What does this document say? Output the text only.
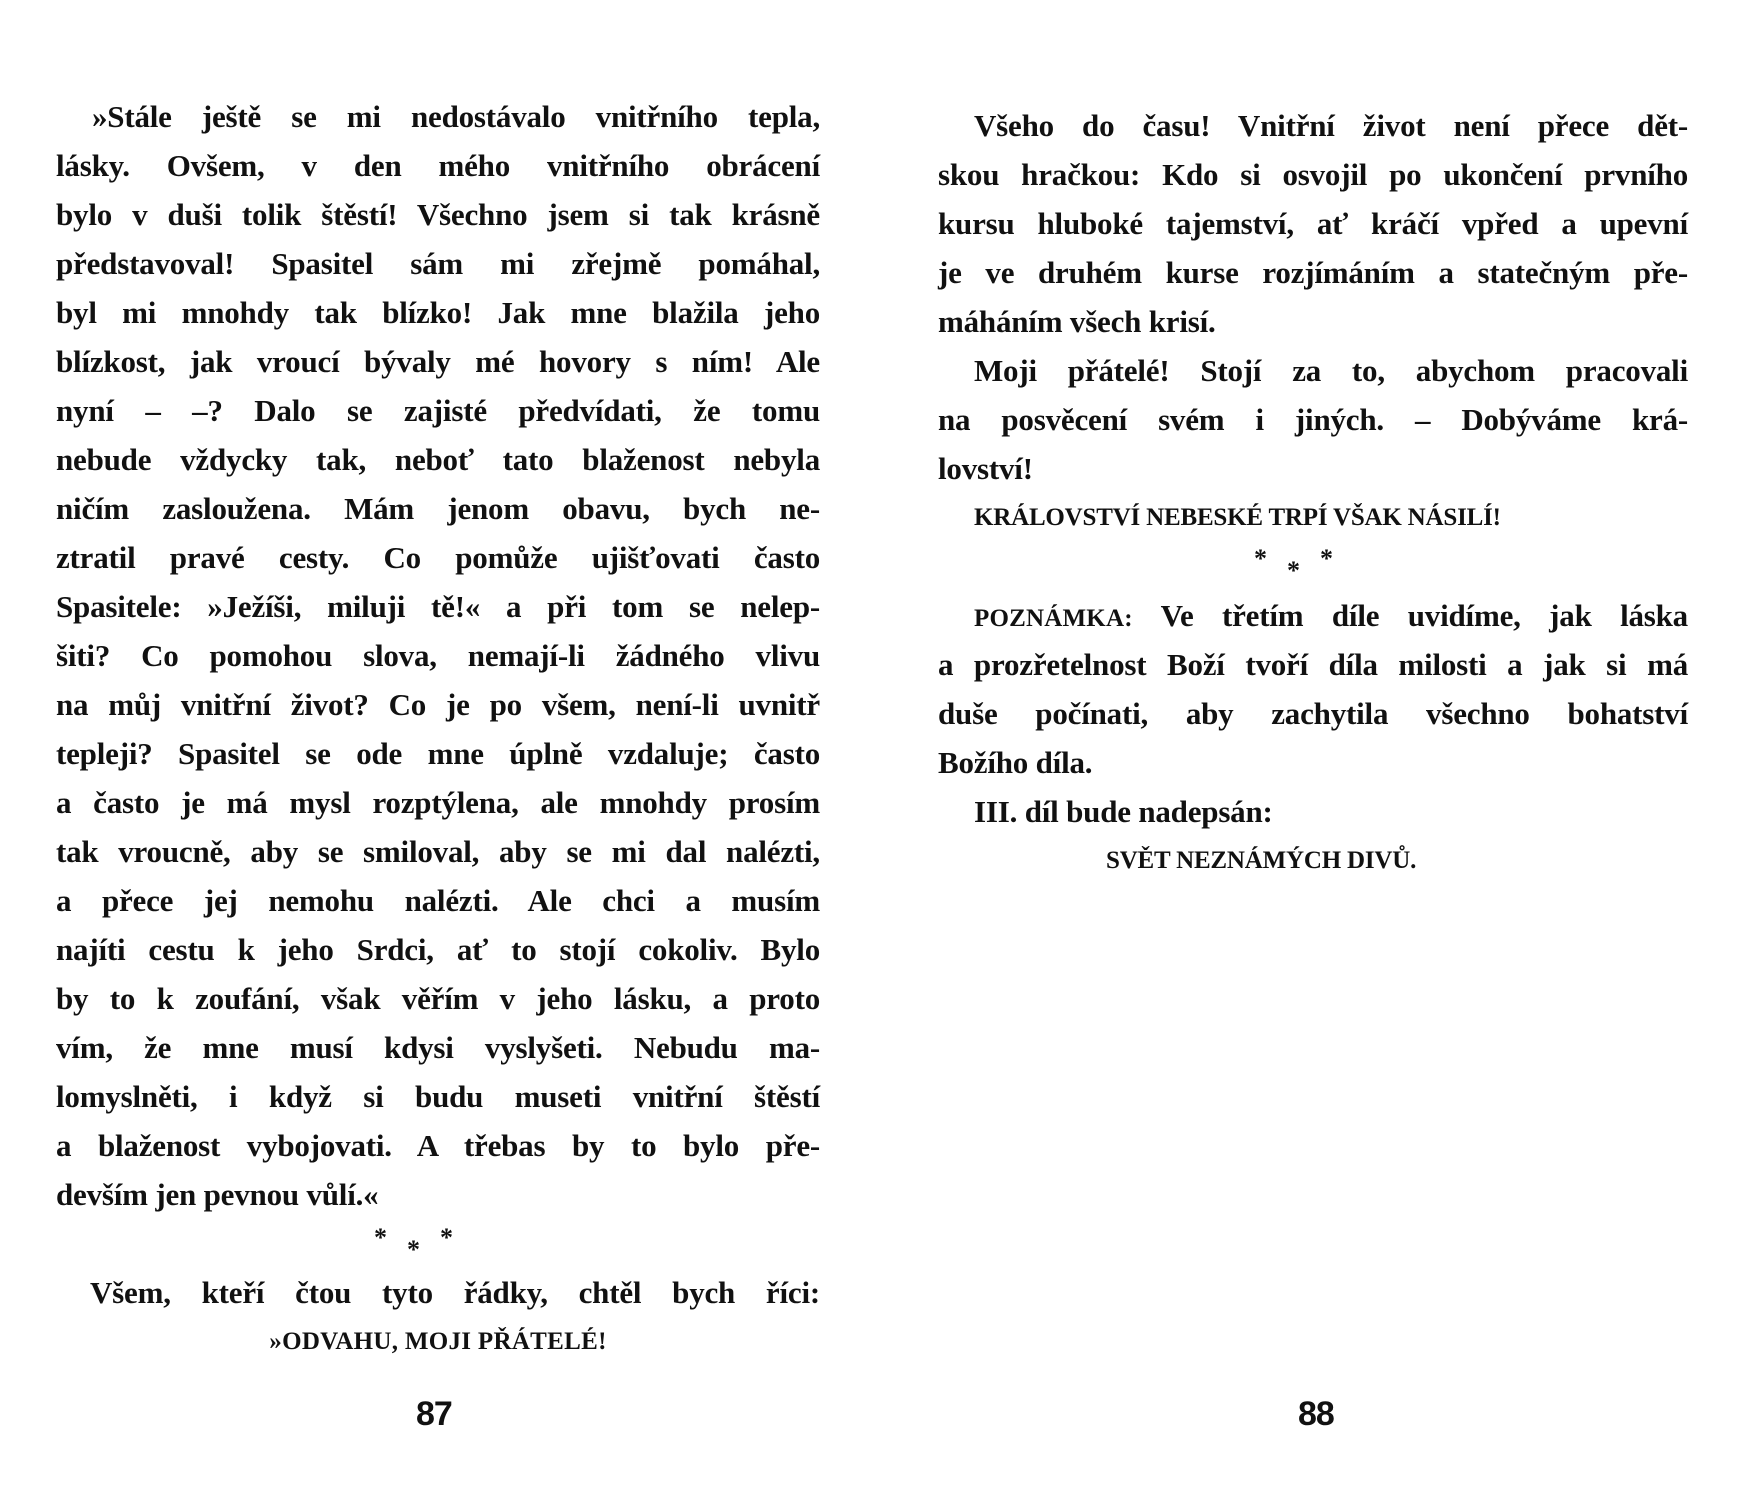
»Stále ještě se mi nedostávalo vnitřního tepla,
lásky. Ovšem, v den mého vnitřního obrácení
bylo v duši tolik štěstí! Všechno jsem si tak krásně
představoval! Spasitel sám mi zřejmě pomáhal,
byl mi mnohdy tak blízko! Jak mne blažila jeho
blízkost, jak vroucí bývaly mé hovory s ním! Ale
nyní – –? Dalo se zajisté předvídati, že tomu
nebude vždycky tak, neboť tato blaženost nebyla
ničím zasloužena. Mám jenom obavu, bych ne-
ztratil pravé cesty. Co pomůže ujišťovati často
Spasitele: »Ježíši, miluji tě!« a při tom se nelep-
šiti? Co pomohou slova, nemají-li žádného vlivu
na můj vnitřní život? Co je po všem, není-li uvnitř
tepleji? Spasitel se ode mne úplně vzdaluje; často
a často je má mysl rozptýlena, ale mnohdy prosím
tak vroucně, aby se smiloval, aby se mi dal nalézti,
a přece jej nemohu nalézti. Ale chci a musím
najíti cestu k jeho Srdci, ať to stojí cokoliv. Bylo
by to k zoufání, však věřím v jeho lásku, a proto
vím, že mne musí kdysi vyslyšeti. Nebudu ma-
lomyslněti, i když si budu museti vnitřní štěstí
a blaženost vybojovati. A třebas by to bylo pře-
devším jen pevnou vůlí.«
* * *
Všem, kteří čtou tyto řádky, chtěl bych říci:
»ODVAHU, MOJI PŘÁTELÉ!
87
Všeho do času! Vnitřní život není přece dět-
skou hračkou: Kdo si osvojil po ukončení prvního
kursu hluboké tajemství, ať kráčí vpřed a upevní
je ve druhém kurse rozjímáním a statečným pře-
máháním všech krisí.
Moji přátelé! Stojí za to, abychom pracovali
na posvěcení svém i jiných. – Dobýváme krá-
lovství!
KRÁLOVSTVÍ NEBESKÉ TRPÍ VŠAK NÁSILÍ!
* * *
POZNÁMKA: Ve třetím díle uvidíme, jak láska
a prozřetelnost Boží tvoří díla milosti a jak si má
duše počínati, aby zachytila všechno bohatství
Božího díla.
III. díl bude nadepsán:
SVĚT NEZNÁMÝCH DIVŮ.
88
